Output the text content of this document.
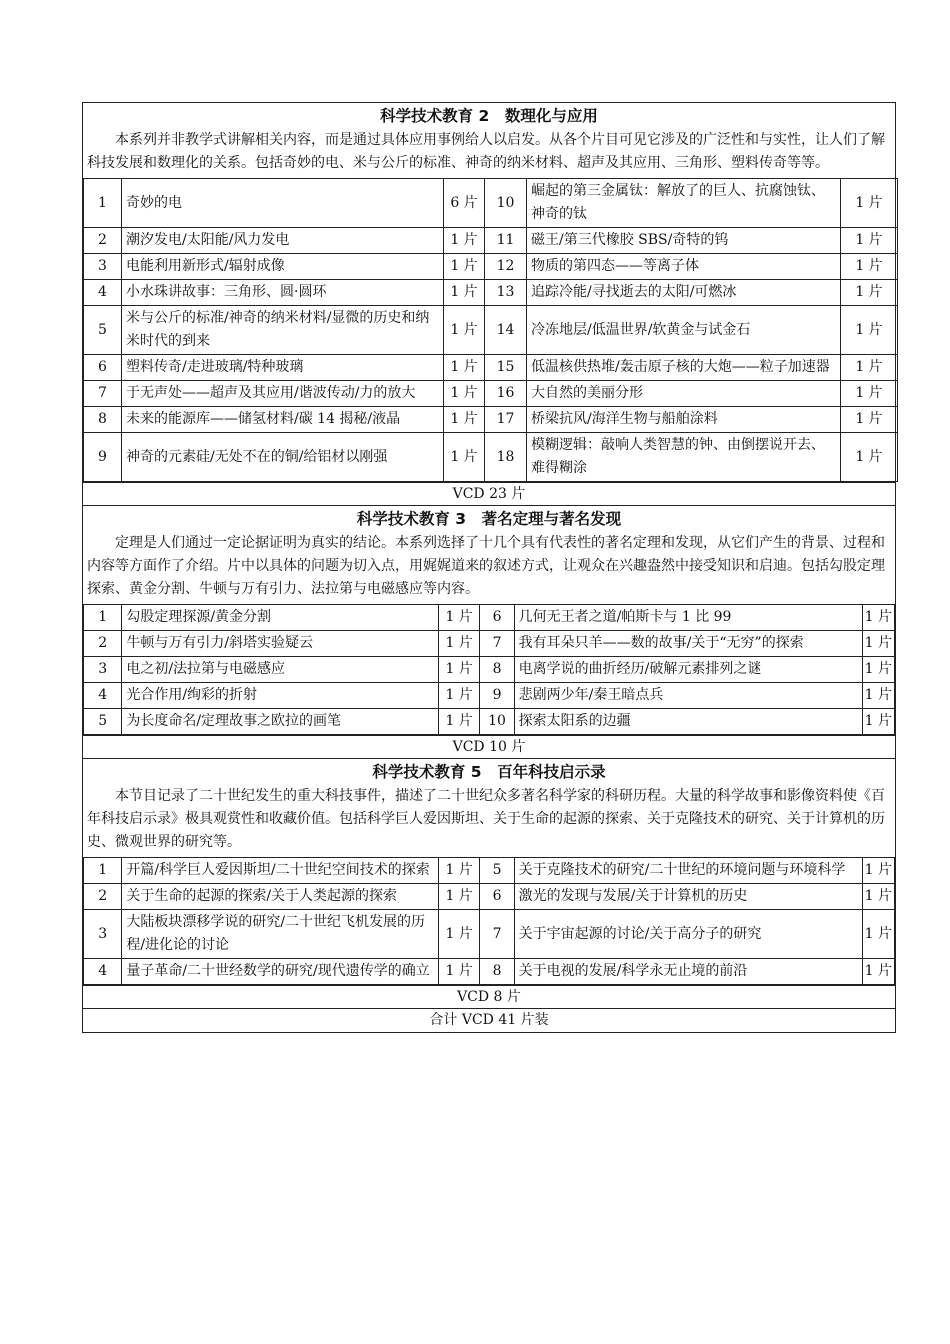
科学技术教育 2　数理化与应用
本系列并非教学式讲解相关内容，而是通过具体应用事例给人以启发。从各个片目可见它涉及的广泛性和与实性，让人们了解科技发展和数理化的关系。包括奇妙的电、米与公斤的标准、神奇的纳米材料、超声及其应用、三角形、塑料传奇等等。
1	奇妙的电	6 片	10	崛起的第三金属钛：解放了的巨人、抗腐蚀钛、神奇的钛	1 片
2	潮汐发电/太阳能/风力发电	1 片	11	磁王/第三代橡胶 SBS/奇特的钨	1 片
3	电能利用新形式/辐射成像	1 片	12	物质的第四态——等离子体	1 片
4	小水珠讲故事：三角形、圆·圆环	1 片	13	追踪冷能/寻找逝去的太阳/可燃冰	1 片
5	米与公斤的标准/神奇的纳米材料/显微的历史和纳米时代的到来	1 片	14	冷冻地层/低温世界/软黄金与试金石	1 片
6	塑料传奇/走进玻璃/特种玻璃	1 片	15	低温核供热堆/轰击原子核的大炮——粒子加速器	1 片
7	于无声处——超声及其应用/谐波传动/力的放大	1 片	16	大自然的美丽分形	1 片
8	未来的能源库——储氢材料/碳 14 揭秘/液晶	1 片	17	桥梁抗风/海洋生物与船舶涂料	1 片
9	神奇的元素硅/无处不在的铜/给铝材以刚强	1 片	18	模糊逻辑：敲响人类智慧的钟、由倒摆说开去、难得糊涂	1 片
VCD 23 片
科学技术教育 3　著名定理与著名发现
定理是人们通过一定论据证明为真实的结论。本系列选择了十几个具有代表性的著名定理和发现，从它们产生的背景、过程和内容等方面作了介绍。片中以具体的问题为切入点，用娓娓道来的叙述方式，让观众在兴趣盎然中接受知识和启迪。包括勾股定理探索、黄金分割、牛顿与万有引力、法拉第与电磁感应等内容。
1	勾股定理探源/黄金分割	1 片	6	几何无王者之道/帕斯卡与 1 比 99	1 片
2	牛顿与万有引力/斜塔实验疑云	1 片	7	我有耳朵只羊——数的故事/关于“无穷”的探索	1 片
3	电之初/法拉第与电磁感应	1 片	8	电离学说的曲折经历/破解元素排列之谜	1 片
4	光合作用/绚彩的折射	1 片	9	悲剧两少年/秦王暗点兵	1 片
5	为长度命名/定理故事之欧拉的画笔	1 片	10	探索太阳系的边疆	1 片
VCD 10 片
科学技术教育 5　百年科技启示录
本节目记录了二十世纪发生的重大科技事件，描述了二十世纪众多著名科学家的科研历程。大量的科学故事和影像资料使《百年科技启示录》极具观赏性和收藏价值。包括科学巨人爱因斯坦、关于生命的起源的探索、关于克隆技术的研究、关于计算机的历史、微观世界的研究等。
1	开篇/科学巨人爱因斯坦/二十世纪空间技术的探索	1 片	5	关于克隆技术的研究/二十世纪的环境问题与环境科学	1 片
2	关于生命的起源的探索/关于人类起源的探索	1 片	6	激光的发现与发展/关于计算机的历史	1 片
3	大陆板块漂移学说的研究/二十世纪飞机发展的历程/进化论的讨论	1 片	7	关于宇宙起源的讨论/关于高分子的研究	1 片
4	量子革命/二十世经数学的研究/现代遗传学的确立	1 片	8	关于电视的发展/科学永无止境的前沿	1 片
VCD 8 片
合计 VCD 41 片装
